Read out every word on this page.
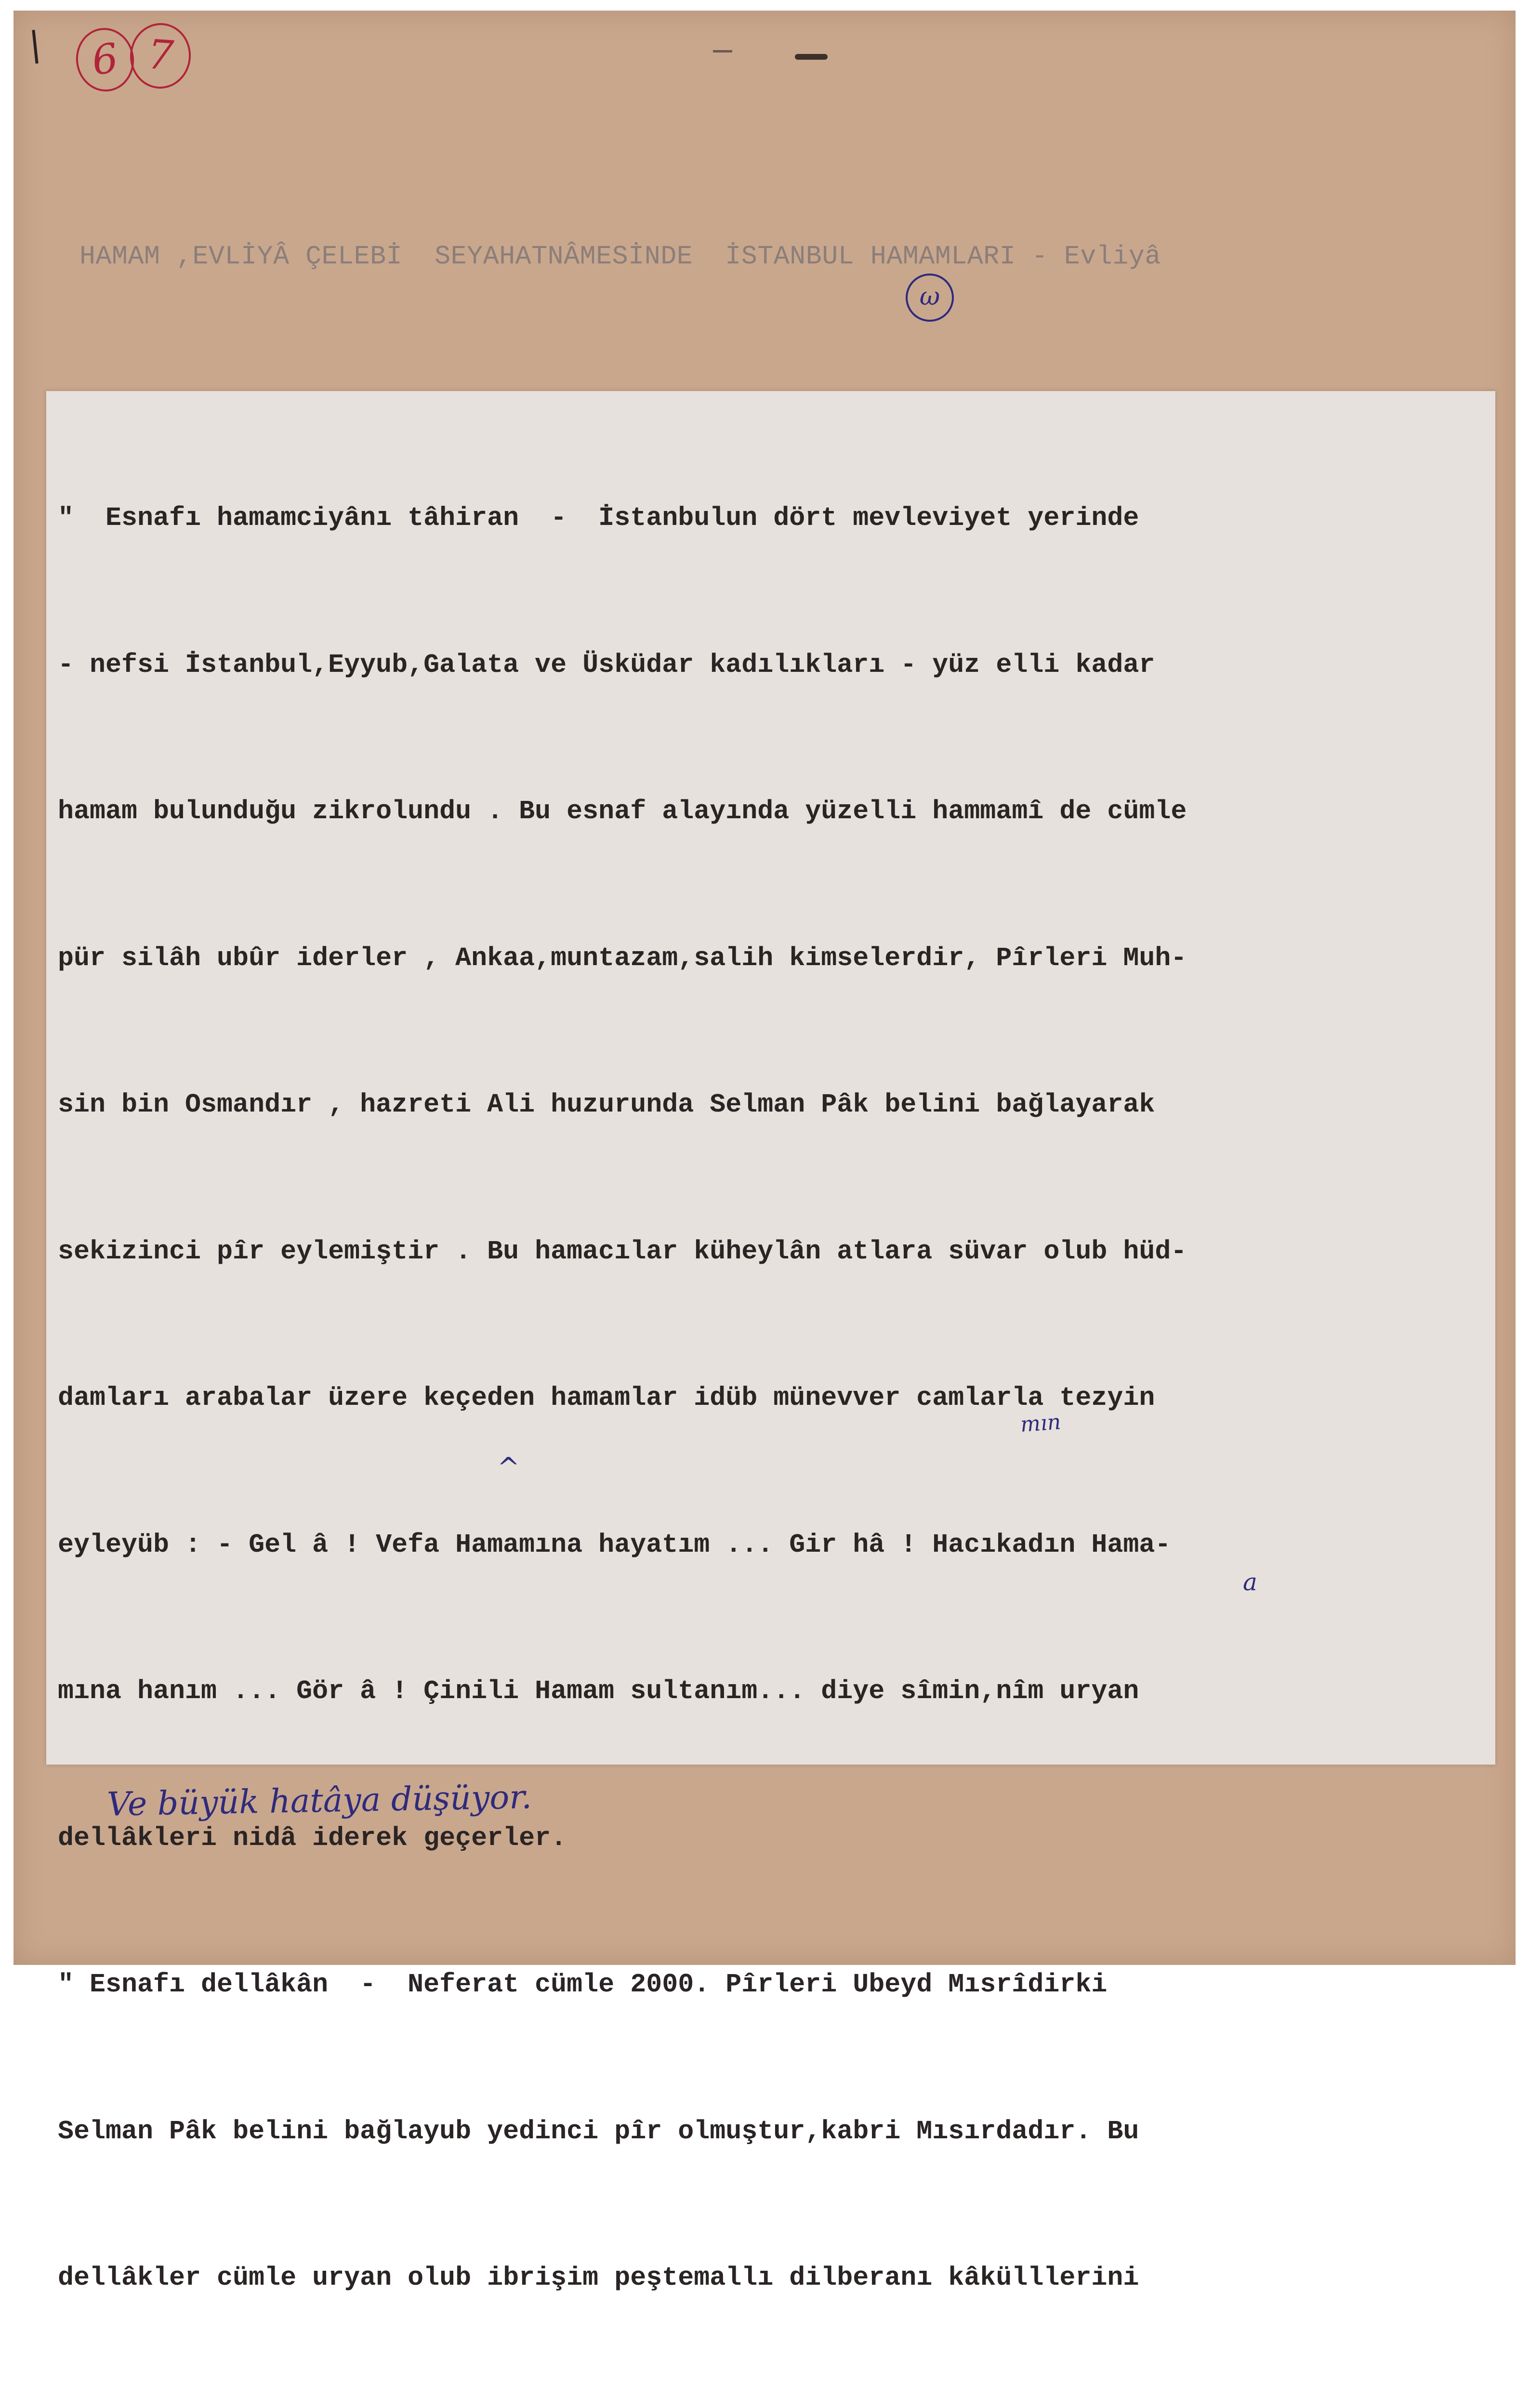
6 7

HAMAM ,EVLİYÂ ÇELEBİ  SEYAHATNÂMESİNDE  İSTANBUL HAMAMLARI - Evliyâ

ω

"  Esnafı hamamciyânı tâhiran  -  İstanbulun dört mevleviyet yerinde

- nefsi İstanbul,Eyyub,Galata ve Üsküdar kadılıkları - yüz elli kadar

hamam bulunduğu zikrolundu . Bu esnaf alayında yüzelli hammamî de cümle

pür silâh ubûr iderler , Ankaa,muntazam,salih kimselerdir, Pîrleri Muh-

sin bin Osmandır , hazreti Ali huzurunda Selman Pâk belini bağlayarak

sekizinci pîr eylemiştir . Bu hamacılar küheylân atlara süvar olub hüd-

damları arabalar üzere keçeden hamamlar idüb münevver camlarla tezyin

eyleyüb : - Gel â ! Vefa Hamamına hayatım ... Gir hâ ! Hacıkadın Hama-

mına hanım ... Gör â ! Çinili Hamam sultanım... diye sîmin,nîm uryan

dellâkleri nidâ iderek geçerler.

" Esnafı dellâkân  -  Neferat cümle 2000. Pîrleri Ubeyd Mısrîdirki

Selman Pâk belini bağlayub yedinci pîr olmuştur,kabri Mısırdadır. Bu

dellâkler cümle uryan olub ibrişim peştemallı dilberanı kâkülllerini

mın
^
a
Ve büyük hatâya düşüyor.
